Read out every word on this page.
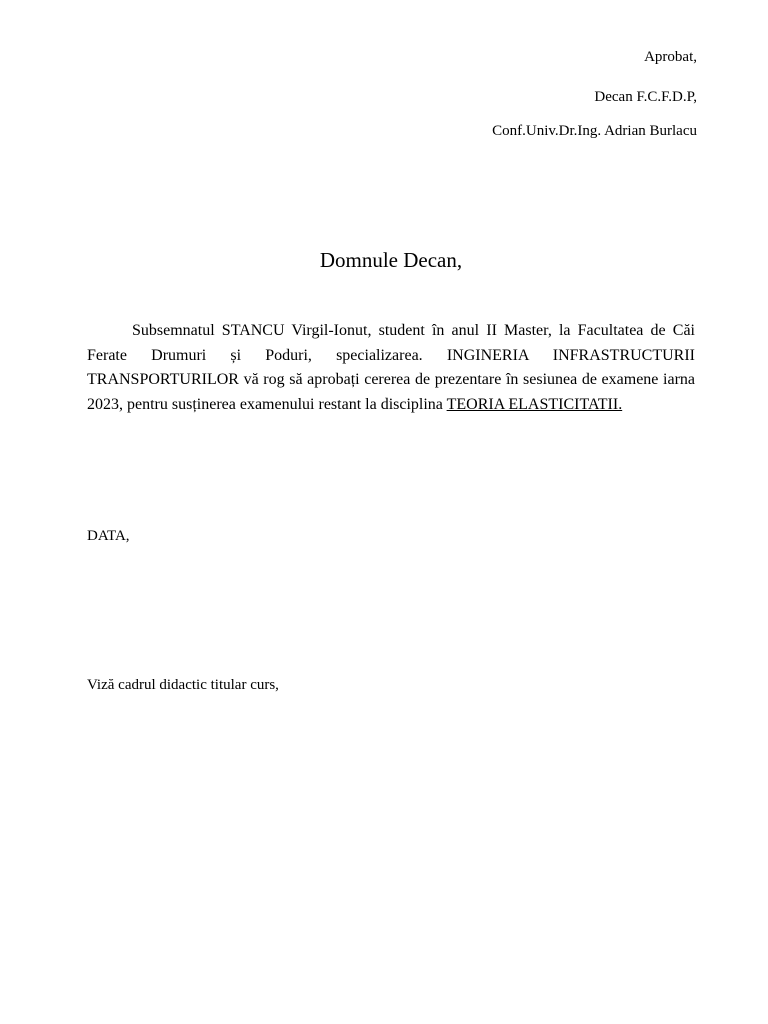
Aprobat,
Decan F.C.F.D.P,
Conf.Univ.Dr.Ing. Adrian Burlacu
Domnule Decan,

Subsemnatul STANCU Virgil-Ionut, student în anul II Master, la Facultatea de Căi Ferate Drumuri și Poduri, specializarea. INGINERIA INFRASTRUCTURII TRANSPORTURILOR vă rog să aprobați cererea de prezentare în sesiunea de examene iarna 2023, pentru susținerea examenului restant la disciplina TEORIA ELASTICITATII.

DATA,
Viză cadrul didactic titular curs,
